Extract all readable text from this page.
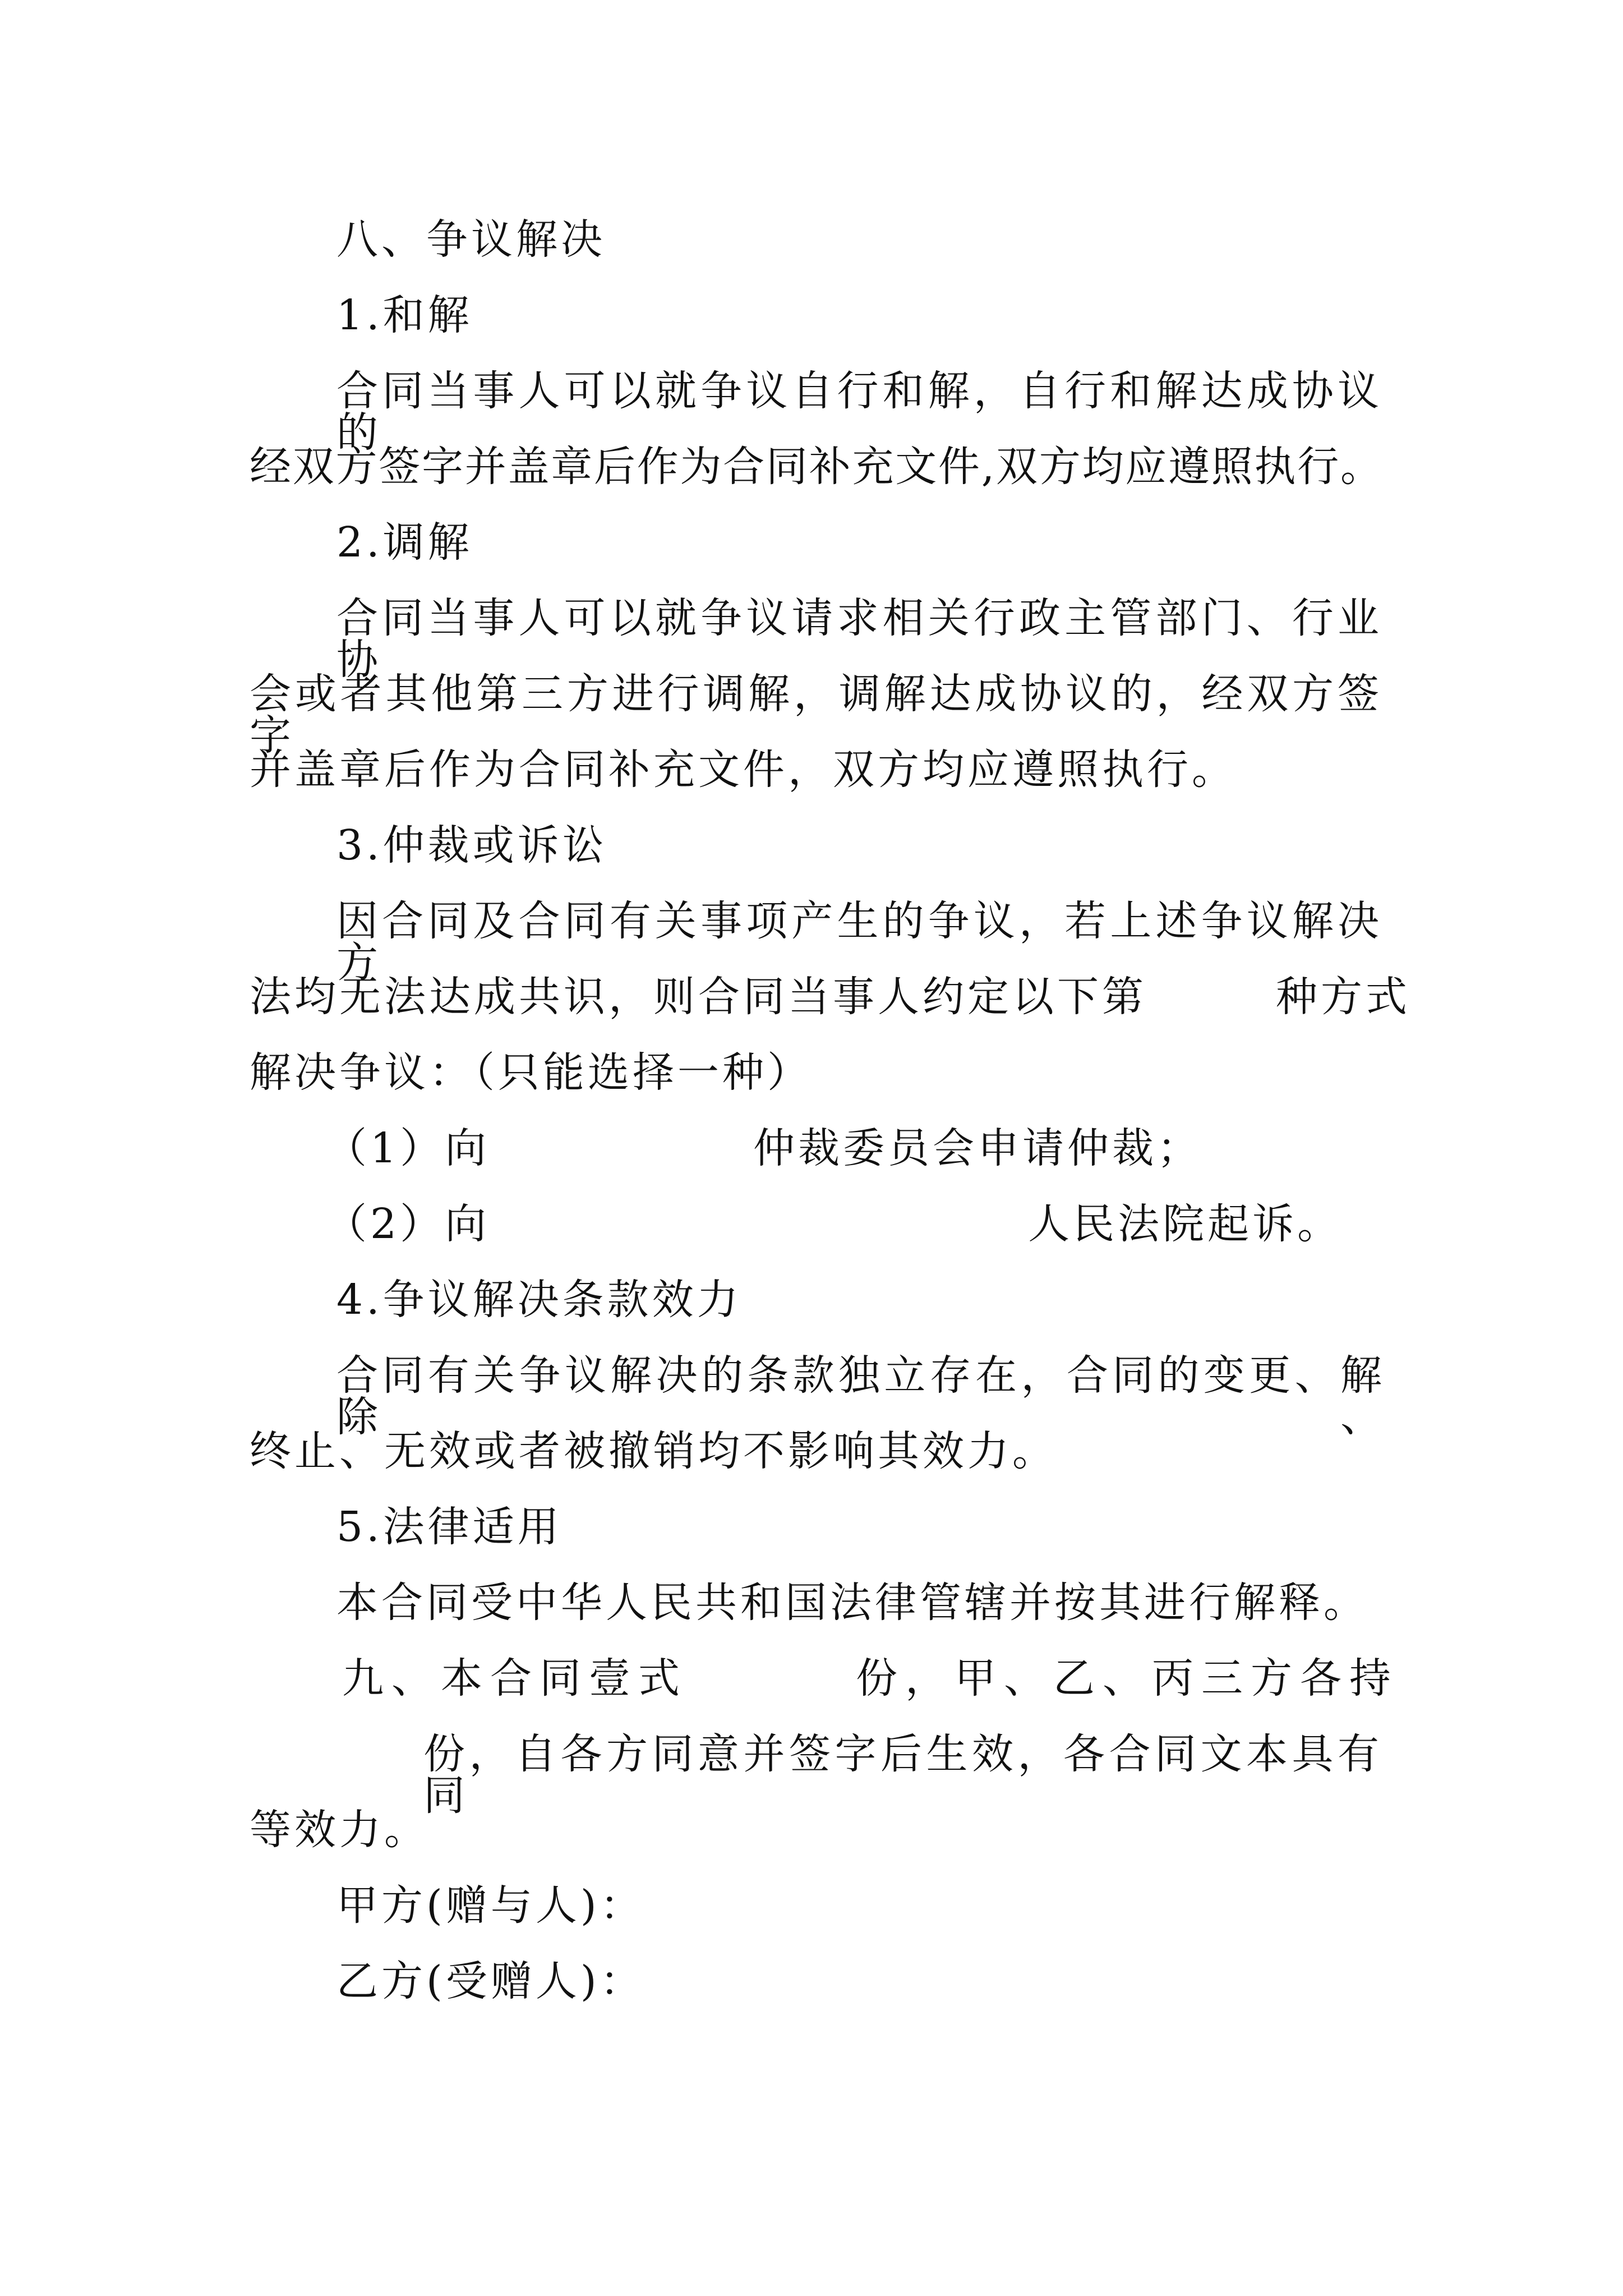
八、争议解决
1.和解
合同当事人可以就争议自行和解，自行和解达成协议的
经双方签字并盖章后作为合同补充文件,双方均应遵照执行。
2.调解
合同当事人可以就争议请求相关行政主管部门、行业协
会或者其他第三方进行调解，调解达成协议的，经双方签字
并盖章后作为合同补充文件，双方均应遵照执行。
3.仲裁或诉讼
因合同及合同有关事项产生的争议，若上述争议解决方
法均无法达成共识，则合同当事人约定以下第	种方式
解决争议：（只能选择一种）
（1）向	仲裁委员会申请仲裁；
（2）向	人民法院起诉。
4.争议解决条款效力
合同有关争议解决的条款独立存在，合同的变更、解除、
终止、无效或者被撤销均不影响其效力。
5.法律适用
本合同受中华人民共和国法律管辖并按其进行解释。
九、本合同壹式	份，甲、乙、丙三方各持
份，自各方同意并签字后生效，各合同文本具有同
等效力。
甲方(赠与人)：
乙方(受赠人)：
